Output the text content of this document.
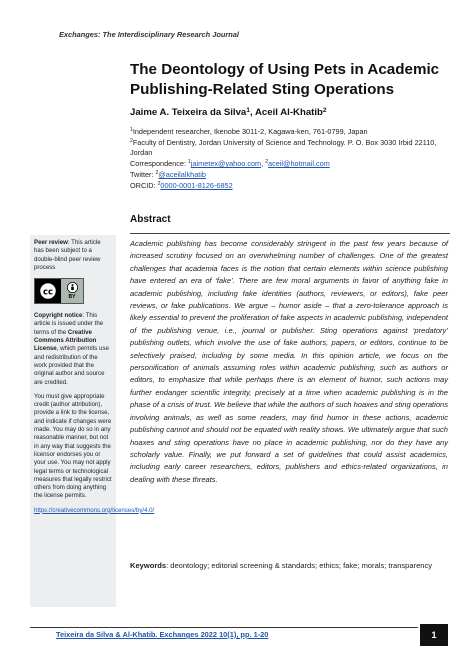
Exchanges: The Interdisciplinary Research Journal
The Deontology of Using Pets in Academic Publishing-Related Sting Operations
Jaime A. Teixeira da Silva$^1$, Aceil Al-Khatib$^2$
$^1$Independent researcher, Ikenobe 3011-2, Kagawa-ken, 761-0799, Japan
$^2$Faculty of Dentistry, Jordan University of Science and Technology. P. O. Box 3030 Irbid 22110, Jordan
Correspondence: $^1$jaimetex@yahoo.com, $^2$aceil@hotmail.com
Twitter: $^2$@aceilalkhatib
ORCID: $^2$0000-0001-8126-6852

Peer review: This article has been subject to a double-blind peer review process

cc	BY

Copyright notice: This article is issued under the terms of the Creative Commons Attribution License, which permits use and redistribution of the work provided that the original author and source are credited.

You must give appropriate credit (author attribution), provide a link to the license, and indicate if changes were made. You may do so in any reasonable manner, but not in any way that suggests the licensor endorses you or your use. You may not apply legal terms or technological measures that legally restrict others from doing anything the license permits.

https://creativecommons.org/licenses/by/4.0/

Abstract
Academic publishing has become considerably stringent in the past few years because of increased scrutiny focused on an overwhelming number of challenges. One of the greatest challenges that academia faces is the notion that certain elements within science publishing have entered an era of ‘fake’. There are few moral arguments in favor of anything fake in academic publishing, including fake identities (authors, reviewers, or editors), fake peer reviews, or fake publications. We argue – humor aside – that a zero-tolerance approach is likely essential to prevent the proliferation of fake aspects in academic publishing, independent of the publishing venue, i.e., journal or publisher. Sting operations against ‘predatory’ publishing outlets, which involve the use of fake authors, papers, or editors, continue to be selectively praised, including by some media. In this opinion article, we focus on the personification of animals assuming roles within academic publishing, such as authors or editors, to emphasize that while perhaps there is an element of humor, such actions may further endanger scientific integrity, precisely at a time when academic publishing is in the phase of a crisis of trust. We believe that while the authors of such hoaxes and sting operations involving animals, as well as some readers, may find humor in these actions, academic publishing cannot and should not be equated with reality shows. We ultimately argue that such hoaxes and sting operations have no place in academic publishing, nor do they have any scholarly value. Finally, we put forward a set of guidelines that could assist academics, including early career researchers, editors, publishers and ethics-related organizations, in dealing with these threats.
Keywords: deontology; editorial screening & standards; ethics; fake; morals; transparency
Teixeira da Silva & Al-Khatib. Exchanges 2022 10(1), pp. 1-20	1
